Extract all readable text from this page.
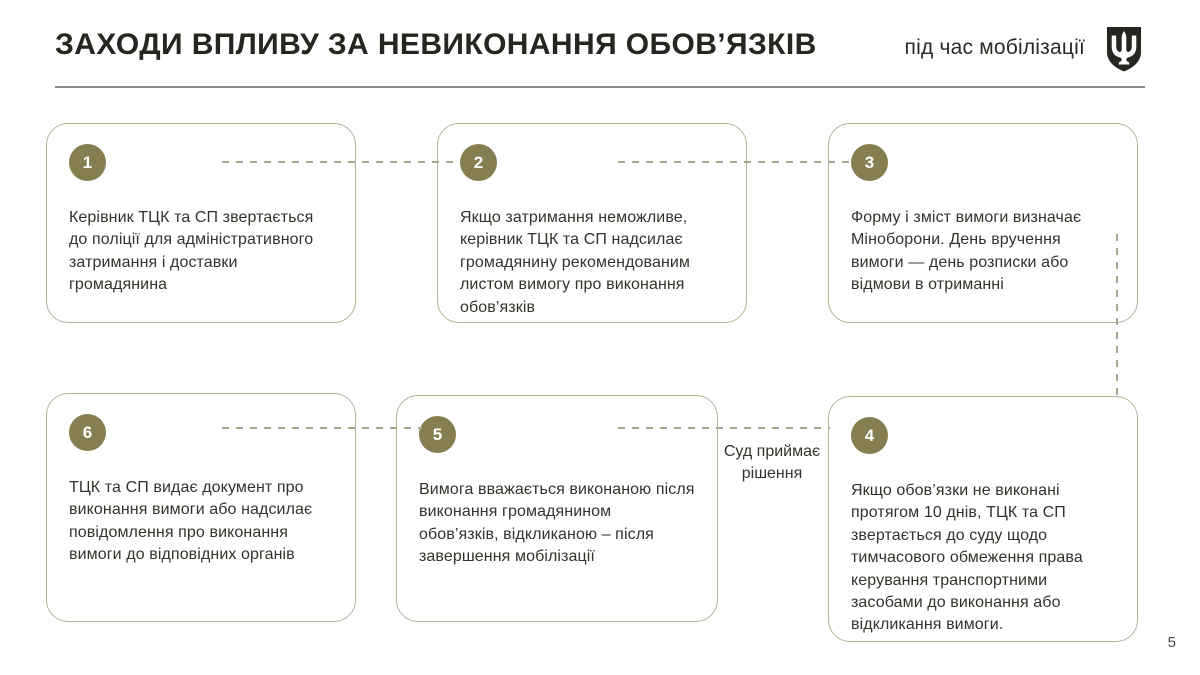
ЗАХОДИ ВПЛИВУ ЗА НЕВИКОНАННЯ ОБОВ’ЯЗКІВ	під час мобілізації
1

Керівник ТЦК та СП звертається до поліції для адміністративного затримання і доставки громадянина

2

Якщо затримання неможливе, керівник ТЦК та СП надсилає громадянину рекомендованим листом вимогу про виконання обов’язків

3

Форму і зміст вимоги визначає Міноборони. День вручення вимоги — день розписки або відмови в отриманні

6

ТЦК та СП видає документ про виконання вимоги або надсилає повідомлення про виконання вимоги до відповідних органів

5

Вимога вважається виконаною після виконання громадянином обов’язків, відкликаною – після завершення мобілізації

4

Якщо обов’язки не виконані протягом 10 днів, ТЦК та СП звертається до суду щодо тимчасового обмеження права керування транспортними засобами до виконання або відкликання вимоги.

Суд приймає рішення
5
